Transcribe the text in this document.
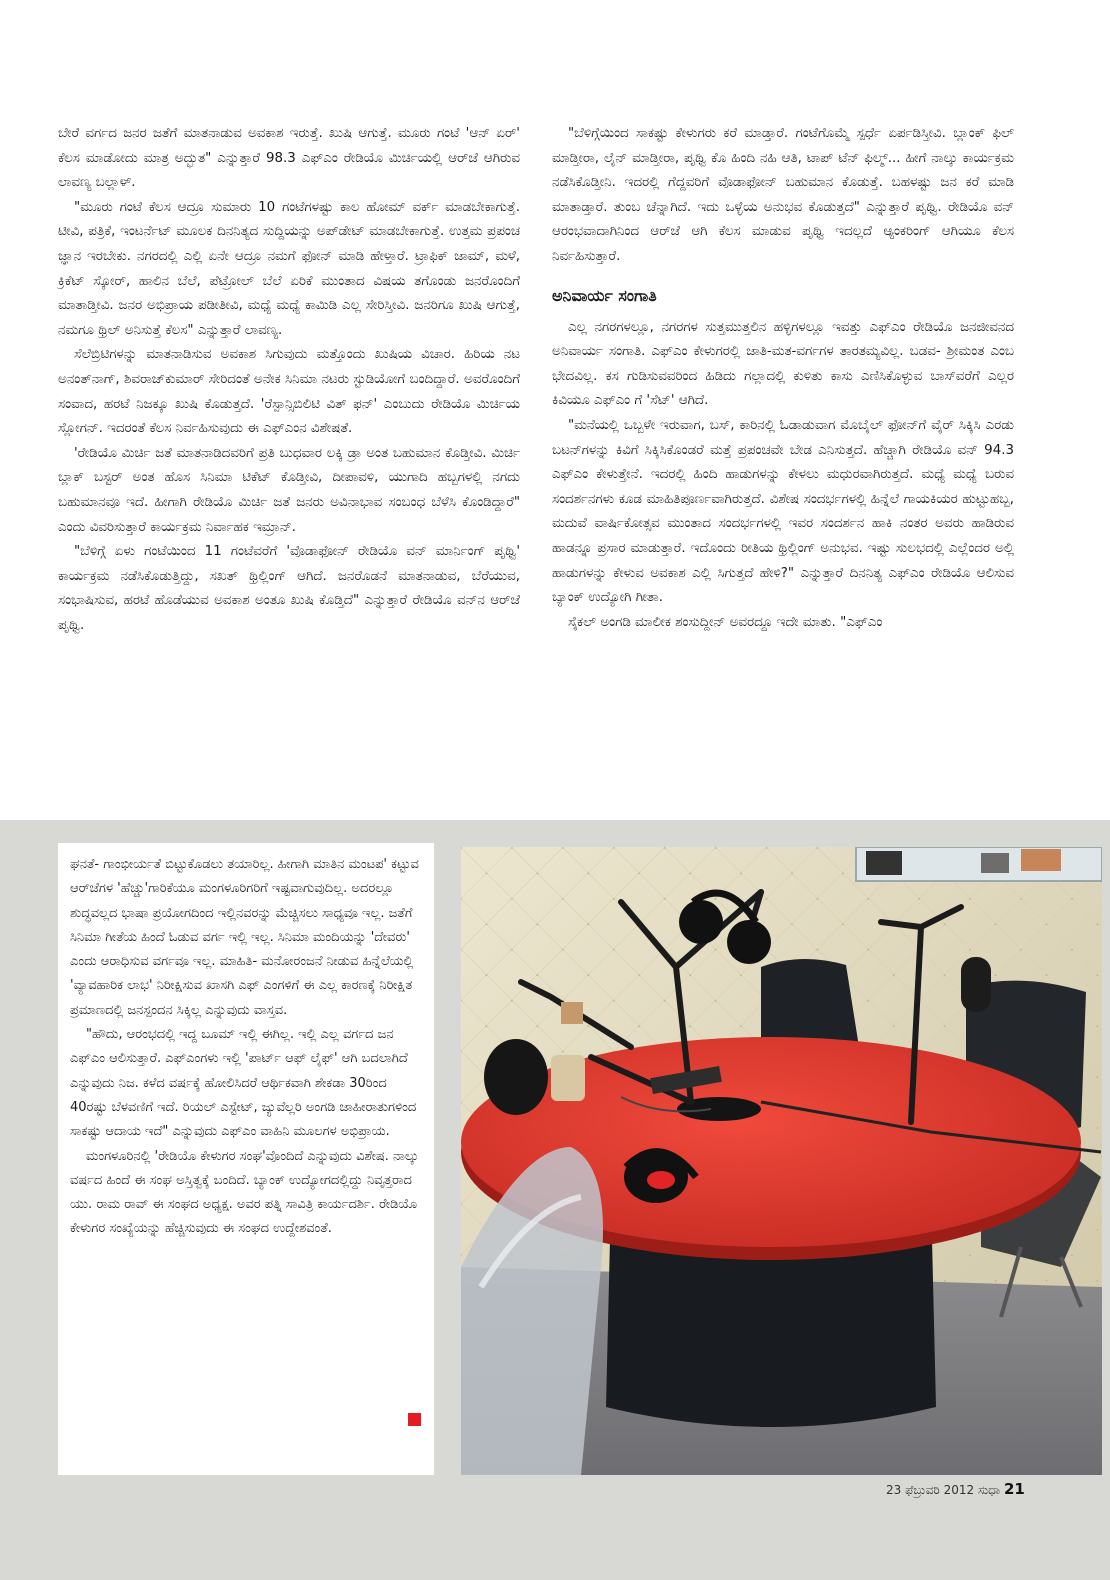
ಬೇರೆ ವರ್ಗದ ಜನರ ಜತೆಗೆ ಮಾತನಾಡುವ ಅವಕಾಶ ಇರುತ್ತೆ. ಖುಷಿ ಆಗುತ್ತೆ. ಮೂರು ಗಂಟೆ 'ಆನ್ ಏರ್' ಕೆಲಸ ಮಾಡೋದು ಮಾತ್ರ ಅದ್ಭುತ" ಎನ್ನುತ್ತಾರೆ 98.3 ಎಫ್‌ಎಂ ರೇಡಿಯೊ ಮಿರ್ಚಿಯಲ್ಲಿ ಆರ್‌ಜೆ ಆಗಿರುವ ಲಾವಣ್ಯ ಬಲ್ಲಾಳ್.

"ಮೂರು ಗಂಟೆ ಕೆಲಸ ಆದ್ರೂ ಸುಮಾರು 10 ಗಂಟೆಗಳಷ್ಟು ಕಾಲ ಹೋಮ್ ವರ್ಕ್ ಮಾಡಬೇಕಾಗುತ್ತೆ. ಟೀವಿ, ಪತ್ರಿಕೆ, ಇಂಟರ್ನೆಟ್ ಮೂಲಕ ದಿನನಿತ್ಯದ ಸುದ್ದಿಯನ್ನು ಅಪ್‌ಡೇಟ್ ಮಾಡಬೇಕಾಗುತ್ತೆ. ಉತ್ತಮ ಪ್ರಪಂಚ ಜ್ಞಾನ ಇರಬೇಕು. ನಗರದಲ್ಲಿ ಎಲ್ಲಿ ಏನೇ ಆದ್ರೂ ನಮಗೆ ಫೋನ್ ಮಾಡಿ ಹೇಳ್ತಾರೆ. ಟ್ರಾಫಿಕ್ ಜಾಮ್, ಮಳೆ, ಕ್ರಿಕೆಟ್ ಸ್ಕೋರ್, ಹಾಲಿನ ಬೆಲೆ, ಪೆಟ್ರೋಲ್ ಬೆಲೆ ಏರಿಕೆ ಮುಂತಾದ ವಿಷಯ ತಗೊಂಡು ಜನರೊಂದಿಗೆ ಮಾತಾಡ್ತೀವಿ. ಜನರ ಅಭಿಪ್ರಾಯ ಪಡೀತೀವಿ, ಮಧ್ಯೆ ಮಧ್ಯೆ ಕಾಮಿಡಿ ಎಲ್ಲ ಸೇರಿಸ್ತೀವಿ. ಜನರಿಗೂ ಖುಷಿ ಆಗುತ್ತೆ, ನಮಗೂ ಥ್ರಿಲ್ ಅನಿಸುತ್ತೆ ಕೆಲಸ" ಎನ್ನುತ್ತಾರೆ ಲಾವಣ್ಯ.

ಸೆಲೆಬ್ರಿಟಿಗಳನ್ನು ಮಾತನಾಡಿಸುವ ಅವಕಾಶ ಸಿಗುವುದು ಮತ್ತೊಂದು ಖುಷಿಯ ವಿಚಾರ. ಹಿರಿಯ ನಟ ಅನಂತ್‌ನಾಗ್, ಶಿವರಾಜ್‌ಕುಮಾರ್ ಸೇರಿದಂತೆ ಅನೇಕ ಸಿನಿಮಾ ನಟರು ಸ್ಟುಡಿಯೋಗೆ ಬಂದಿದ್ದಾರೆ. ಅವರೊಂದಿಗೆ ಸಂವಾದ, ಹರಟೆ ನಿಜಕ್ಕೂ ಖುಷಿ ಕೊಡುತ್ತದೆ. 'ರೆಸ್ಪಾನ್ಸಿಬಿಲಿಟಿ ವಿತ್ ಫನ್' ಎಂಬುದು ರೇಡಿಯೊ ಮಿರ್ಚಿಯ ಸ್ಲೋಗನ್. ಇದರಂತೆ ಕೆಲಸ ನಿರ್ವಹಿಸುವುದು ಈ ಎಫ್‌ಎಂನ ವಿಶೇಷತೆ.

'ರೇಡಿಯೊ ಮಿರ್ಚಿ ಜತೆ ಮಾತನಾಡಿದವರಿಗೆ ಪ್ರತಿ ಬುಧವಾರ ಲಕ್ಕಿ ಡ್ರಾ ಅಂತ ಬಹುಮಾನ ಕೊಡ್ತೀವಿ. ಮಿರ್ಚಿ ಬ್ಲಾಕ್ ಬಸ್ಟರ್ ಅಂತ ಹೊಸ ಸಿನಿಮಾ ಟಿಕೆಟ್ ಕೊಡ್ತೀವಿ, ದೀಪಾವಳಿ, ಯುಗಾದಿ ಹಬ್ಬಗಳಲ್ಲಿ ನಗದು ಬಹುಮಾನವೂ ಇದೆ. ಹೀಗಾಗಿ ರೇಡಿಯೊ ಮಿರ್ಚಿ ಜತೆ ಜನರು ಅವಿನಾಭಾವ ಸಂಬಂಧ ಬೆಳೆಸಿ ಕೊಂಡಿದ್ದಾರೆ" ಎಂದು ವಿವರಿಸುತ್ತಾರೆ ಕಾರ್ಯಕ್ರಮ ನಿರ್ವಾಹಕ ಇಮ್ರಾನ್.

"ಬೆಳಿಗ್ಗೆ ಏಳು ಗಂಟೆಯಿಂದ 11 ಗಂಟೆವರೆಗೆ 'ವೊಡಾಫೋನ್ ರೇಡಿಯೊ ವನ್ ಮಾರ್ನಿಂಗ್ ಪೃಥ್ವಿ' ಕಾರ್ಯಕ್ರಮ ನಡೆಸಿಕೊಡುತ್ತಿದ್ದು, ಸಖತ್ ಥ್ರಿಲ್ಲಿಂಗ್ ಆಗಿದೆ. ಜನರೊಡನೆ ಮಾತನಾಡುವ, ಬೆರೆಯುವ, ಸಂಭಾಷಿಸುವ, ಹರಟೆ ಹೊಡೆಯುವ ಅವಕಾಶ ಅಂತೂ ಖುಷಿ ಕೊಡ್ತಿದೆ" ಎನ್ನುತ್ತಾರೆ ರೇಡಿಯೊ ವನ್‌ನ ಆರ್‌ಜೆ ಪೃಥ್ವಿ.

"ಬೆಳಿಗ್ಗೆಯಿಂದ ಸಾಕಷ್ಟು ಕೇಳುಗರು ಕರೆ ಮಾಡ್ತಾರೆ. ಗಂಟೆಗೊಮ್ಮೆ ಸ್ಪರ್ಧೆ ಏರ್ಪಡಿಸ್ತೀವಿ. ಬ್ಲಾಂಕ್ ಫಿಲ್ ಮಾಡ್ತೀರಾ, ಲೈನ್ ಮಾಡ್ತೀರಾ, ಪೃಥ್ವಿ ಕೊ ಹಿಂದಿ ನಹಿ ಆತಿ, ಟಾಪ್ ಟೆನ್ ಫಿಲ್ಮ್... ಹೀಗೆ ನಾಲ್ಕು ಕಾರ್ಯಕ್ರಮ ನಡೆಸಿಕೊಡ್ತೀನಿ. ಇದರಲ್ಲಿ ಗೆದ್ದವರಿಗೆ ವೊಡಾಫೋನ್ ಬಹುಮಾನ ಕೊಡುತ್ತೆ. ಬಹಳಷ್ಟು ಜನ ಕರೆ ಮಾಡಿ ಮಾತಾಡ್ತಾರೆ. ತುಂಬ ಚೆನ್ನಾಗಿದೆ. ಇದು ಒಳ್ಳೆಯ ಅನುಭವ ಕೊಡುತ್ತದೆ" ಎನ್ನುತ್ತಾರೆ ಪೃಥ್ವಿ. ರೇಡಿಯೊ ವನ್ ಆರಂಭವಾದಾಗಿನಿಂದ ಆರ್‌ಜೆ ಆಗಿ ಕೆಲಸ ಮಾಡುವ ಪೃಥ್ವಿ ಇದಲ್ಲದೆ ಆ್ಯಂಕರಿಂಗ್ ಆಗಿಯೂ ಕೆಲಸ ನಿರ್ವಹಿಸುತ್ತಾರೆ.

ಅನಿವಾರ್ಯ ಸಂಗಾತಿ

ಎಲ್ಲ ನಗರಗಳಲ್ಲೂ, ನಗರಗಳ ಸುತ್ತಮುತ್ತಲಿನ ಹಳ್ಳಿಗಳಲ್ಲೂ ಇವತ್ತು ಎಫ್‌ಎಂ ರೇಡಿಯೊ ಜನಜೀವನದ ಅನಿವಾರ್ಯ ಸಂಗಾತಿ. ಎಫ್‌ಎಂ ಕೇಳುಗರಲ್ಲಿ ಜಾತಿ-ಮತ-ವರ್ಗಗಳ ತಾರತಮ್ಯವಿಲ್ಲ. ಬಡವ- ಶ್ರೀಮಂತ ಎಂಬ ಭೇದವಿಲ್ಲ. ಕಸ ಗುಡಿಸುವವರಿಂದ ಹಿಡಿದು ಗಲ್ಲಾದಲ್ಲಿ ಕುಳಿತು ಕಾಸು ಎಣಿಸಿಕೊಳ್ಳುವ ಬಾಸ್‌ವರೆಗೆ ಎಲ್ಲರ ಕಿವಿಯೂ ಎಫ್‌ಎಂ ಗೆ 'ಸೆಟ್' ಆಗಿದೆ.

"ಮನೆಯಲ್ಲಿ ಒಬ್ಬಳೇ ಇರುವಾಗ, ಬಸ್, ಕಾರಿನಲ್ಲಿ ಓಡಾಡುವಾಗ ಮೊಬೈಲ್ ಫೋನ್‌ಗೆ ವೈರ್ ಸಿಕ್ಕಿಸಿ ಎರಡು ಬಟನ್‌ಗಳನ್ನು ಕಿವಿಗೆ ಸಿಕ್ಕಿಸಿಕೊಂಡರೆ ಮತ್ತೆ ಪ್ರಪಂಚವೇ ಬೇಡ ಎನಿಸುತ್ತದೆ. ಹೆಚ್ಚಾಗಿ ರೇಡಿಯೊ ವನ್ 94.3 ಎಫ್‌ಎಂ ಕೇಳುತ್ತೇನೆ. ಇದರಲ್ಲಿ ಹಿಂದಿ ಹಾಡುಗಳನ್ನು ಕೇಳಲು ಮಧುರವಾಗಿರುತ್ತದೆ. ಮಧ್ಯೆ ಮಧ್ಯೆ ಬರುವ ಸಂದರ್ಶನಗಳು ಕೂಡ ಮಾಹಿತಿಪೂರ್ಣವಾಗಿರುತ್ತದೆ. ವಿಶೇಷ ಸಂದರ್ಭಗಳಲ್ಲಿ ಹಿನ್ನೆಲೆ ಗಾಯಕಿಯರ ಹುಟ್ಟುಹಬ್ಬ, ಮದುವೆ ವಾರ್ಷಿಕೋತ್ಸವ ಮುಂತಾದ ಸಂದರ್ಭಗಳಲ್ಲಿ ಇವರ ಸಂದರ್ಶನ ಹಾಕಿ ನಂತರ ಅವರು ಹಾಡಿರುವ ಹಾಡನ್ನೂ ಪ್ರಸಾರ ಮಾಡುತ್ತಾರೆ. ಇದೊಂದು ರೀತಿಯ ಥ್ರಿಲ್ಲಿಂಗ್ ಅನುಭವ. ಇಷ್ಟು ಸುಲಭದಲ್ಲಿ ಎಲ್ಲೆಂದರ ಅಲ್ಲಿ ಹಾಡುಗಳನ್ನು ಕೇಳುವ ಅವಕಾಶ ಎಲ್ಲಿ ಸಿಗುತ್ತದೆ ಹೇಳಿ?" ಎನ್ನುತ್ತಾರೆ ದಿನನಿತ್ಯ ಎಫ್‌ಎಂ ರೇಡಿಯೊ ಆಲಿಸುವ ಬ್ಯಾಂಕ್ ಉದ್ಯೋಗಿ ಗೀತಾ.

ಸೈಕಲ್ ಅಂಗಡಿ ಮಾಲೀಕ ಶಂಸುದ್ದೀನ್ ಅವರದ್ದೂ ಇದೇ ಮಾತು. "ಎಫ್‌ಎಂ

ಘನತೆ- ಗಾಂಭೀರ್ಯತೆ ಬಿಟ್ಟುಕೊಡಲು ತಯಾರಿಲ್ಲ. ಹೀಗಾಗಿ ಮಾತಿನ ಮಂಟಪ' ಕಟ್ಟುವ ಆರ್‌ಜೆಗಳ 'ಹೆಚ್ಚು'ಗಾರಿಕೆಯೂ ಮಂಗಳೂರಿಗರಿಗೆ ಇಷ್ಟವಾಗುವುದಿಲ್ಲ. ಅದರಲ್ಲೂ ಶುದ್ಧವಲ್ಲದ ಭಾಷಾ ಪ್ರಯೋಗದಿಂದ ಇಲ್ಲಿನವರನ್ನು ಮೆಚ್ಚಿಸಲು ಸಾಧ್ಯವೂ ಇಲ್ಲ. ಜತೆಗೆ ಸಿನಿಮಾ ಗೀತೆಯ ಹಿಂದೆ ಓಡುವ ವರ್ಗ ಇಲ್ಲಿ ಇಲ್ಲ. ಸಿನಿಮಾ ಮಂದಿಯನ್ನು 'ದೇವರು' ಎಂದು ಆರಾಧಿಸುವ ವರ್ಗವೂ ಇಲ್ಲ. ಮಾಹಿತಿ- ಮನೋರಂಜನೆ ನೀಡುವ ಹಿನ್ನೆಲೆಯಲ್ಲಿ 'ವ್ಯಾವಹಾರಿಕ ಲಾಭ' ನಿರೀಕ್ಷಿಸುವ ಖಾಸಗಿ ಎಫ್ ಎಂಗಳಿಗೆ ಈ ಎಲ್ಲ ಕಾರಣಕ್ಕೆ ನಿರೀಕ್ಷಿತ ಪ್ರಮಾಣದಲ್ಲಿ ಜನಸ್ಪಂದನ ಸಿಕ್ಕಿಲ್ಲ ಎನ್ನುವುದು ವಾಸ್ತವ.

"ಹೌದು, ಆರಂಭದಲ್ಲಿ ಇದ್ದ ಬೂಮ್ ಇಲ್ಲಿ ಈಗಿಲ್ಲ. ಇಲ್ಲಿ ಎಲ್ಲ ವರ್ಗದ ಜನ ಎಫ್‌ಎಂ ಆಲಿಸುತ್ತಾರೆ. ಎಫ್‌ಎಂಗಳು ಇಲ್ಲಿ 'ಪಾರ್ಟ್ ಆಫ್ ಲೈಫ್' ಆಗಿ ಬದಲಾಗಿದೆ ಎನ್ನುವುದು ನಿಜ. ಕಳೆದ ವರ್ಷಕ್ಕೆ ಹೋಲಿಸಿದರೆ ಆರ್ಥಿಕವಾಗಿ ಶೇಕಡಾ 30ರಿಂದ 40ರಷ್ಟು ಬೆಳವಣಿಗೆ ಇದೆ. ರಿಯಲ್ ಎಸ್ಟೇಟ್, ಜ್ಯುವೆಲ್ಲರಿ ಅಂಗಡಿ ಜಾಹೀರಾತುಗಳಿಂದ ಸಾಕಷ್ಟು ಆದಾಯ ಇದೆ" ಎನ್ನುವುದು ಎಫ್‌ಎಂ ವಾಹಿನಿ ಮೂಲಗಳ ಅಭಿಪ್ರಾಯ.

ಮಂಗಳೂರಿನಲ್ಲಿ 'ರೇಡಿಯೊ ಕೇಳುಗರ ಸಂಘ'ವೊಂದಿದೆ ಎನ್ನುವುದು ವಿಶೇಷ. ನಾಲ್ಕು ವರ್ಷದ ಹಿಂದೆ ಈ ಸಂಘ ಅಸ್ತಿತ್ವಕ್ಕೆ ಬಂದಿದೆ. ಬ್ಯಾಂಕ್ ಉದ್ಯೋಗದಲ್ಲಿದ್ದು ನಿವೃತ್ತರಾದ ಯು. ರಾಮ ರಾವ್ ಈ ಸಂಘದ ಅಧ್ಯಕ್ಷ. ಅವರ ಪತ್ನಿ ಸಾವಿತ್ರಿ ಕಾರ್ಯದರ್ಶಿ. ರೇಡಿಯೊ ಕೇಳುಗರ ಸಂಖ್ಯೆಯನ್ನು ಹೆಚ್ಚಿಸುವುದು ಈ ಸಂಘದ ಉದ್ದೇಶವಂತೆ.

23 ಫೆಬ್ರುವರಿ 2012 ಸುಧಾ 21
